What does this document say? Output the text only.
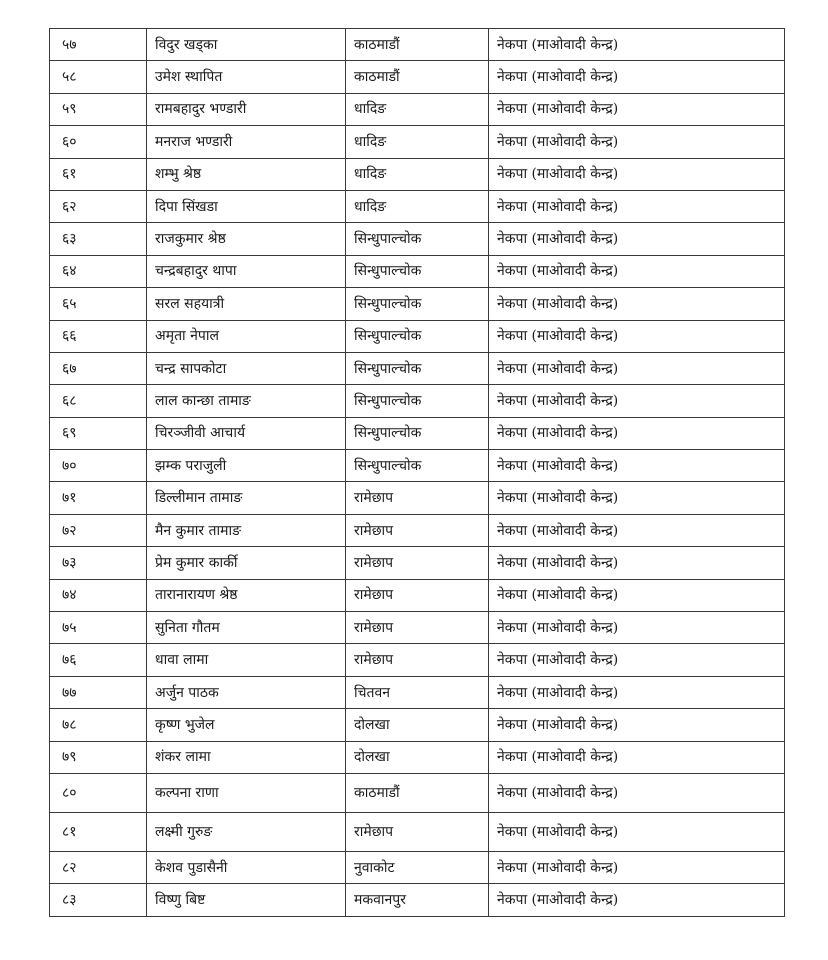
५७	विदुर खड्का	काठमाडौं	नेकपा (माओवादी केन्द्र)
५८	उमेश स्थापित	काठमाडौं	नेकपा (माओवादी केन्द्र)
५९	रामबहादुर भण्डारी	धादिङ	नेकपा (माओवादी केन्द्र)
६०	मनराज भण्डारी	धादिङ	नेकपा (माओवादी केन्द्र)
६१	शम्भु श्रेष्ठ	धादिङ	नेकपा (माओवादी केन्द्र)
६२	दिपा सिंखडा	धादिङ	नेकपा (माओवादी केन्द्र)
६३	राजकुमार श्रेष्ठ	सिन्धुपाल्चोक	नेकपा (माओवादी केन्द्र)
६४	चन्द्रबहादुर थापा	सिन्धुपाल्चोक	नेकपा (माओवादी केन्द्र)
६५	सरल सहयात्री	सिन्धुपाल्चोक	नेकपा (माओवादी केन्द्र)
६६	अमृता नेपाल	सिन्धुपाल्चोक	नेकपा (माओवादी केन्द्र)
६७	चन्द्र सापकोटा	सिन्धुपाल्चोक	नेकपा (माओवादी केन्द्र)
६८	लाल कान्छा तामाङ	सिन्धुपाल्चोक	नेकपा (माओवादी केन्द्र)
६९	चिरञ्जीवी आचार्य	सिन्धुपाल्चोक	नेकपा (माओवादी केन्द्र)
७०	झम्क पराजुली	सिन्धुपाल्चोक	नेकपा (माओवादी केन्द्र)
७१	डिल्लीमान तामाङ	रामेछाप	नेकपा (माओवादी केन्द्र)
७२	मैन कुमार तामाङ	रामेछाप	नेकपा (माओवादी केन्द्र)
७३	प्रेम कुमार कार्की	रामेछाप	नेकपा (माओवादी केन्द्र)
७४	तारानारायण श्रेष्ठ	रामेछाप	नेकपा (माओवादी केन्द्र)
७५	सुनिता गौतम	रामेछाप	नेकपा (माओवादी केन्द्र)
७६	धावा लामा	रामेछाप	नेकपा (माओवादी केन्द्र)
७७	अर्जुन पाठक	चितवन	नेकपा (माओवादी केन्द्र)
७८	कृष्ण भुजेल	दोलखा	नेकपा (माओवादी केन्द्र)
७९	शंकर लामा	दोलखा	नेकपा (माओवादी केन्द्र)
८०	कल्पना राणा	काठमाडौं	नेकपा (माओवादी केन्द्र)
८१	लक्ष्मी गुरुङ	रामेछाप	नेकपा (माओवादी केन्द्र)
८२	केशव पुडासैनी	नुवाकोट	नेकपा (माओवादी केन्द्र)
८३	विष्णु बिष्ट	मकवानपुर	नेकपा (माओवादी केन्द्र)
